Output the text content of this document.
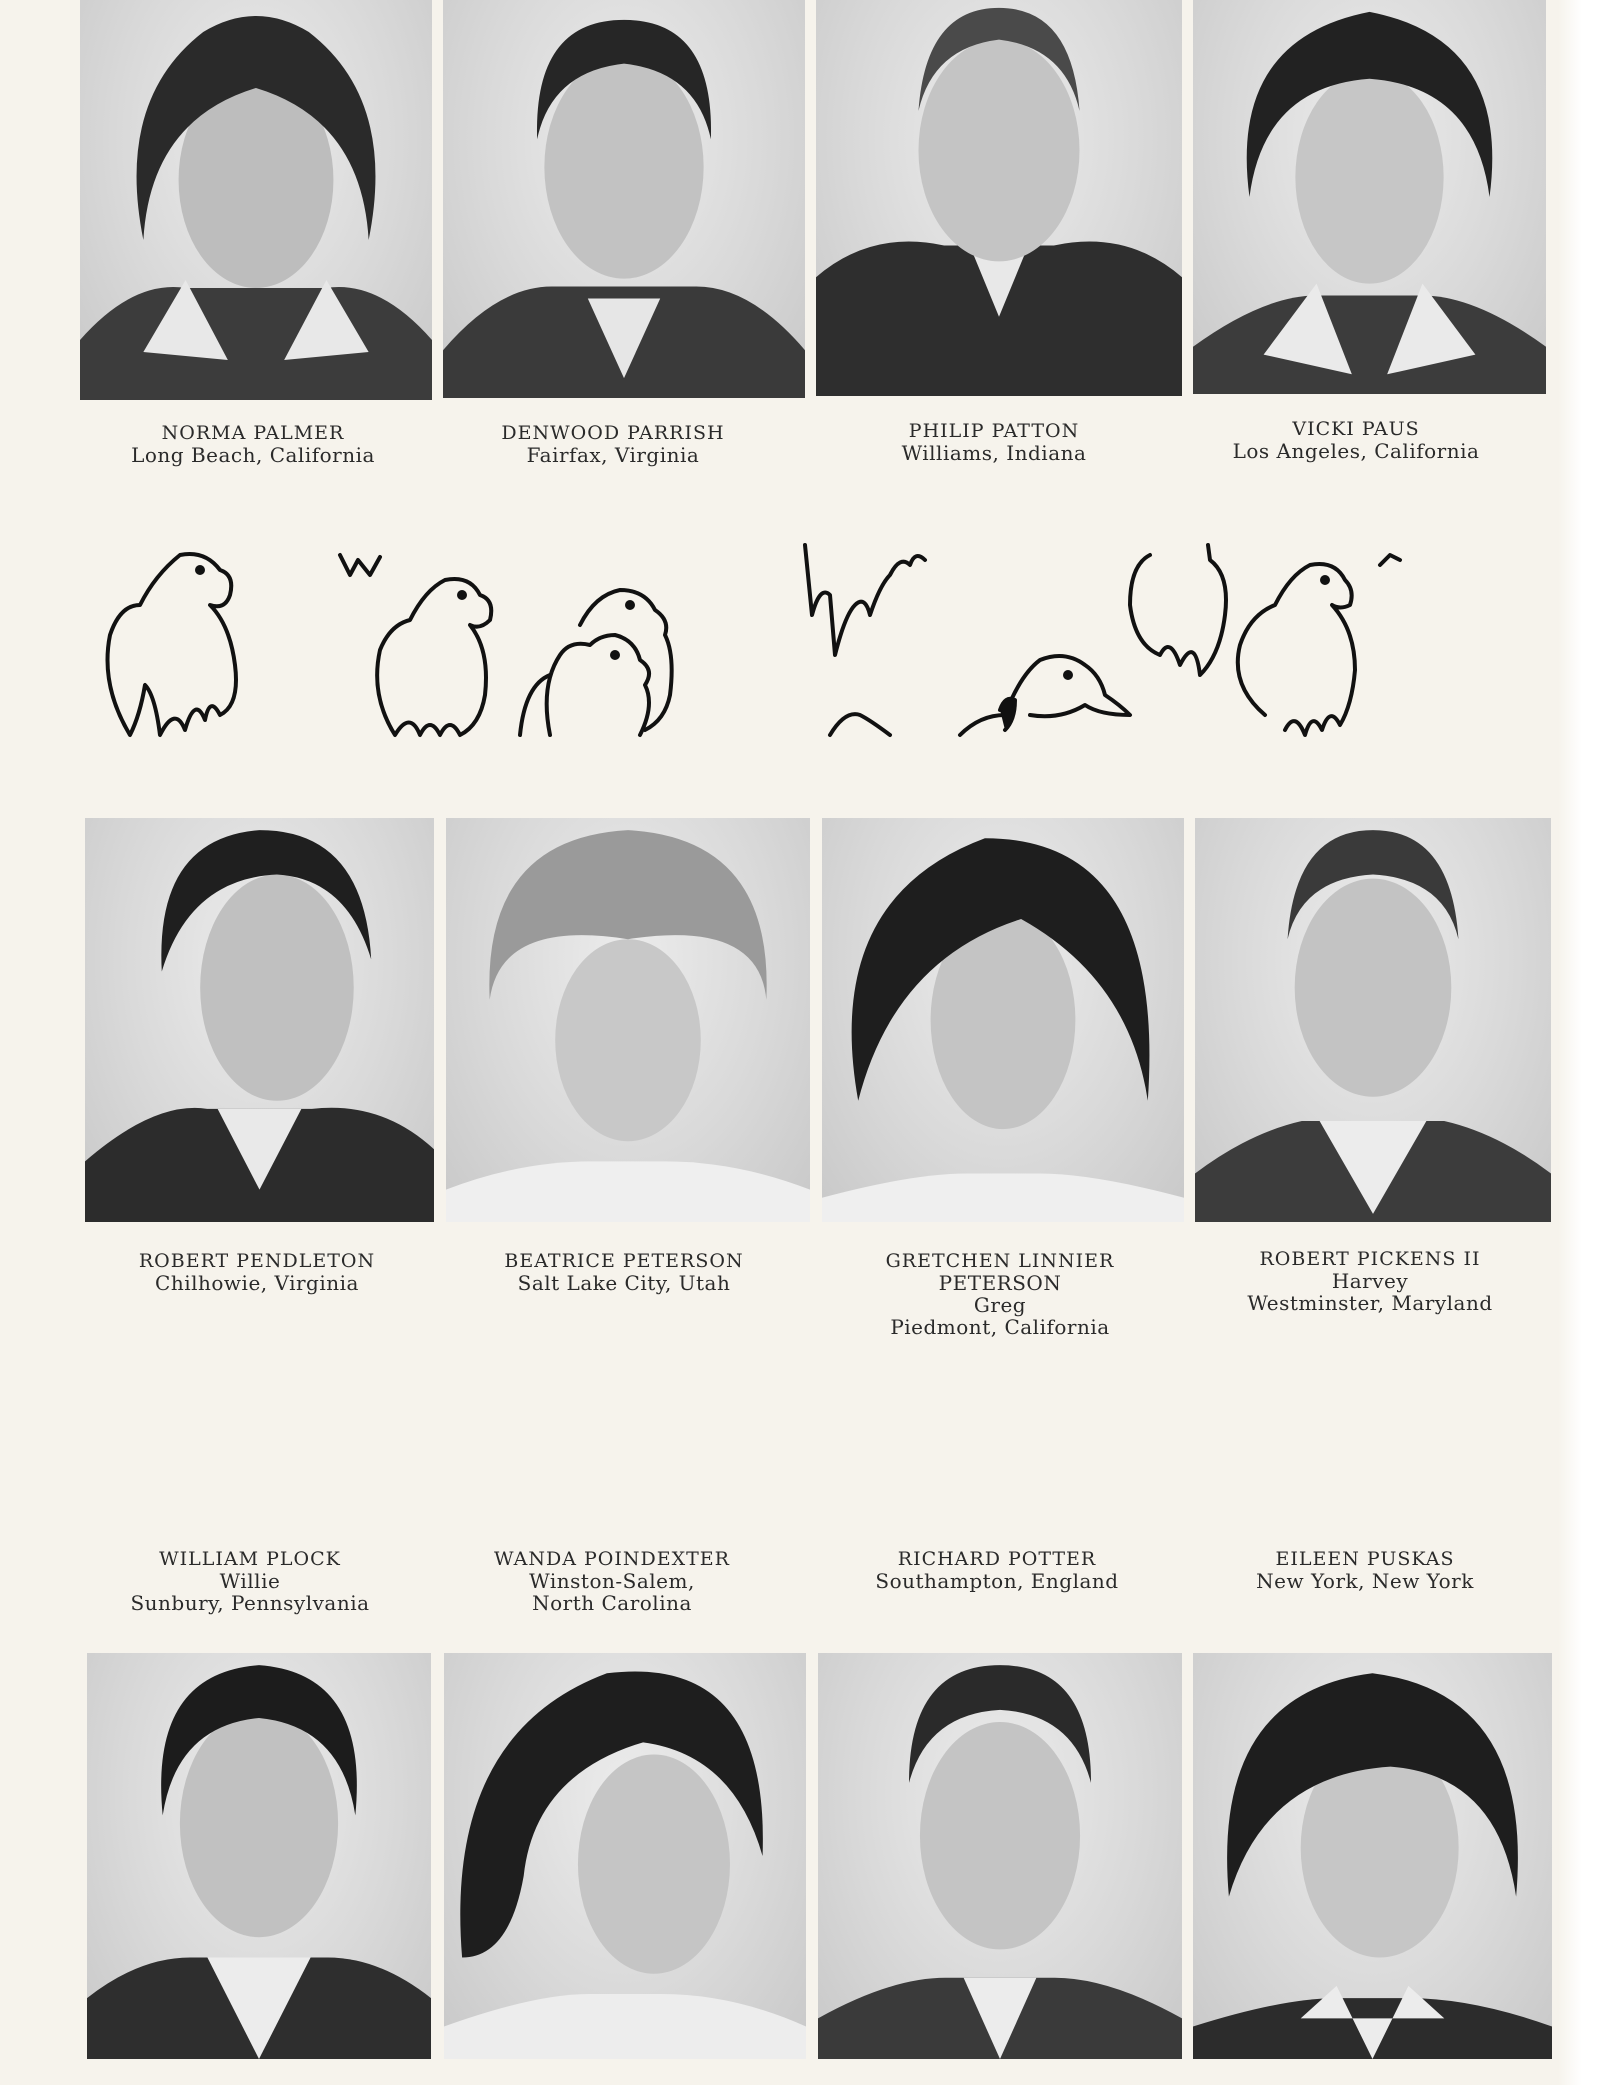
NORMA PALMER
Long Beach, California
DENWOOD PARRISH
Fairfax, Virginia
PHILIP PATTON
Williams, Indiana
VICKI PAUS
Los Angeles, California
ROBERT PENDLETON
Chilhowie, Virginia
BEATRICE PETERSON
Salt Lake City, Utah
GRETCHEN LINNIER
PETERSON
Greg
Piedmont, California
ROBERT PICKENS II
Harvey
Westminster, Maryland
WILLIAM PLOCK
Willie
Sunbury, Pennsylvania
WANDA POINDEXTER
Winston-Salem,
North Carolina
RICHARD POTTER
Southampton, England
EILEEN PUSKAS
New York, New York
